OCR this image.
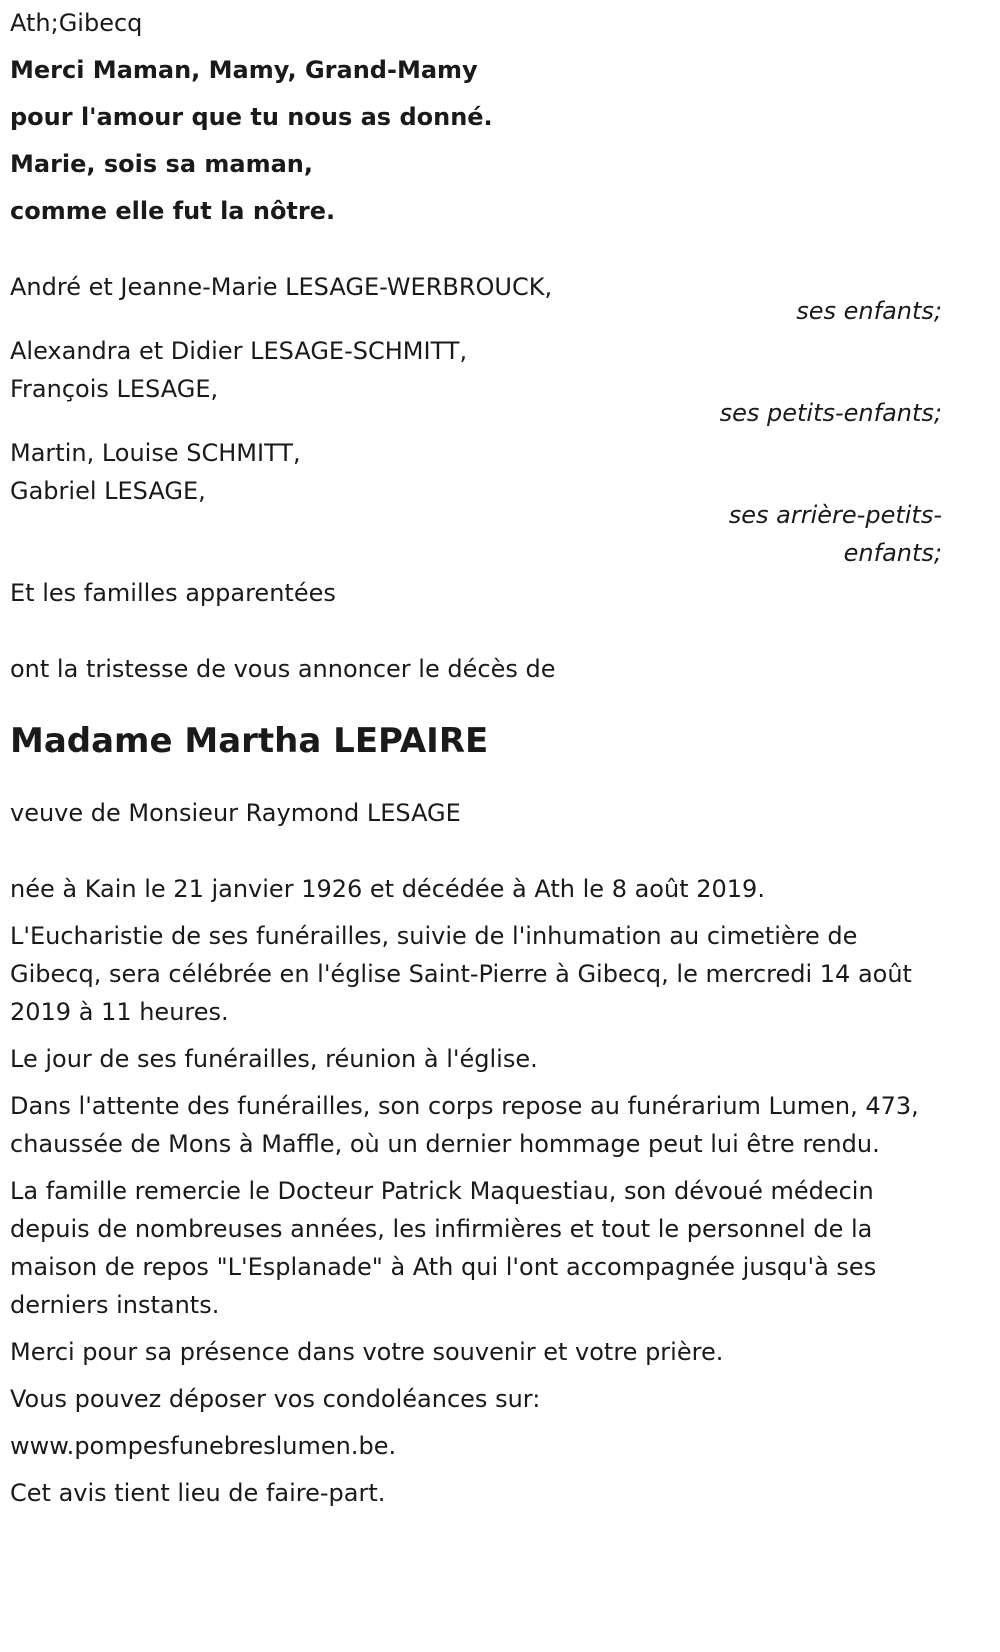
Ath;Gibecq

Merci Maman, Mamy, Grand-Mamy

pour l'amour que tu nous as donné.

Marie, sois sa maman,

comme elle fut la nôtre.

André et Jeanne-Marie LESAGE-WERBROUCK,

ses enfants;

Alexandra et Didier LESAGE-SCHMITT,

François LESAGE,

ses petits-enfants;

Martin, Louise SCHMITT,

Gabriel LESAGE,

ses arrière-petits-

enfants;

Et les familles apparentées

ont la tristesse de vous annoncer le décès de

Madame Martha LEPAIRE

veuve de Monsieur Raymond LESAGE

née à Kain le 21 janvier 1926 et décédée à Ath le 8 août 2019.

L'Eucharistie de ses funérailles, suivie de l'inhumation au cimetière de Gibecq, sera célébrée en l'église Saint-Pierre à Gibecq, le mercredi 14 août 2019 à 11 heures.

Le jour de ses funérailles, réunion à l'église.

Dans l'attente des funérailles, son corps repose au funérarium Lumen, 473, chaussée de Mons à Maffle, où un dernier hommage peut lui être rendu.

La famille remercie le Docteur Patrick Maquestiau, son dévoué médecin depuis de nombreuses années, les infirmières et tout le personnel de la maison de repos "L'Esplanade" à Ath qui l'ont accompagnée jusqu'à ses derniers instants.

Merci pour sa présence dans votre souvenir et votre prière.

Vous pouvez déposer vos condoléances sur:

www.pompesfunebreslumen.be.

Cet avis tient lieu de faire-part.
